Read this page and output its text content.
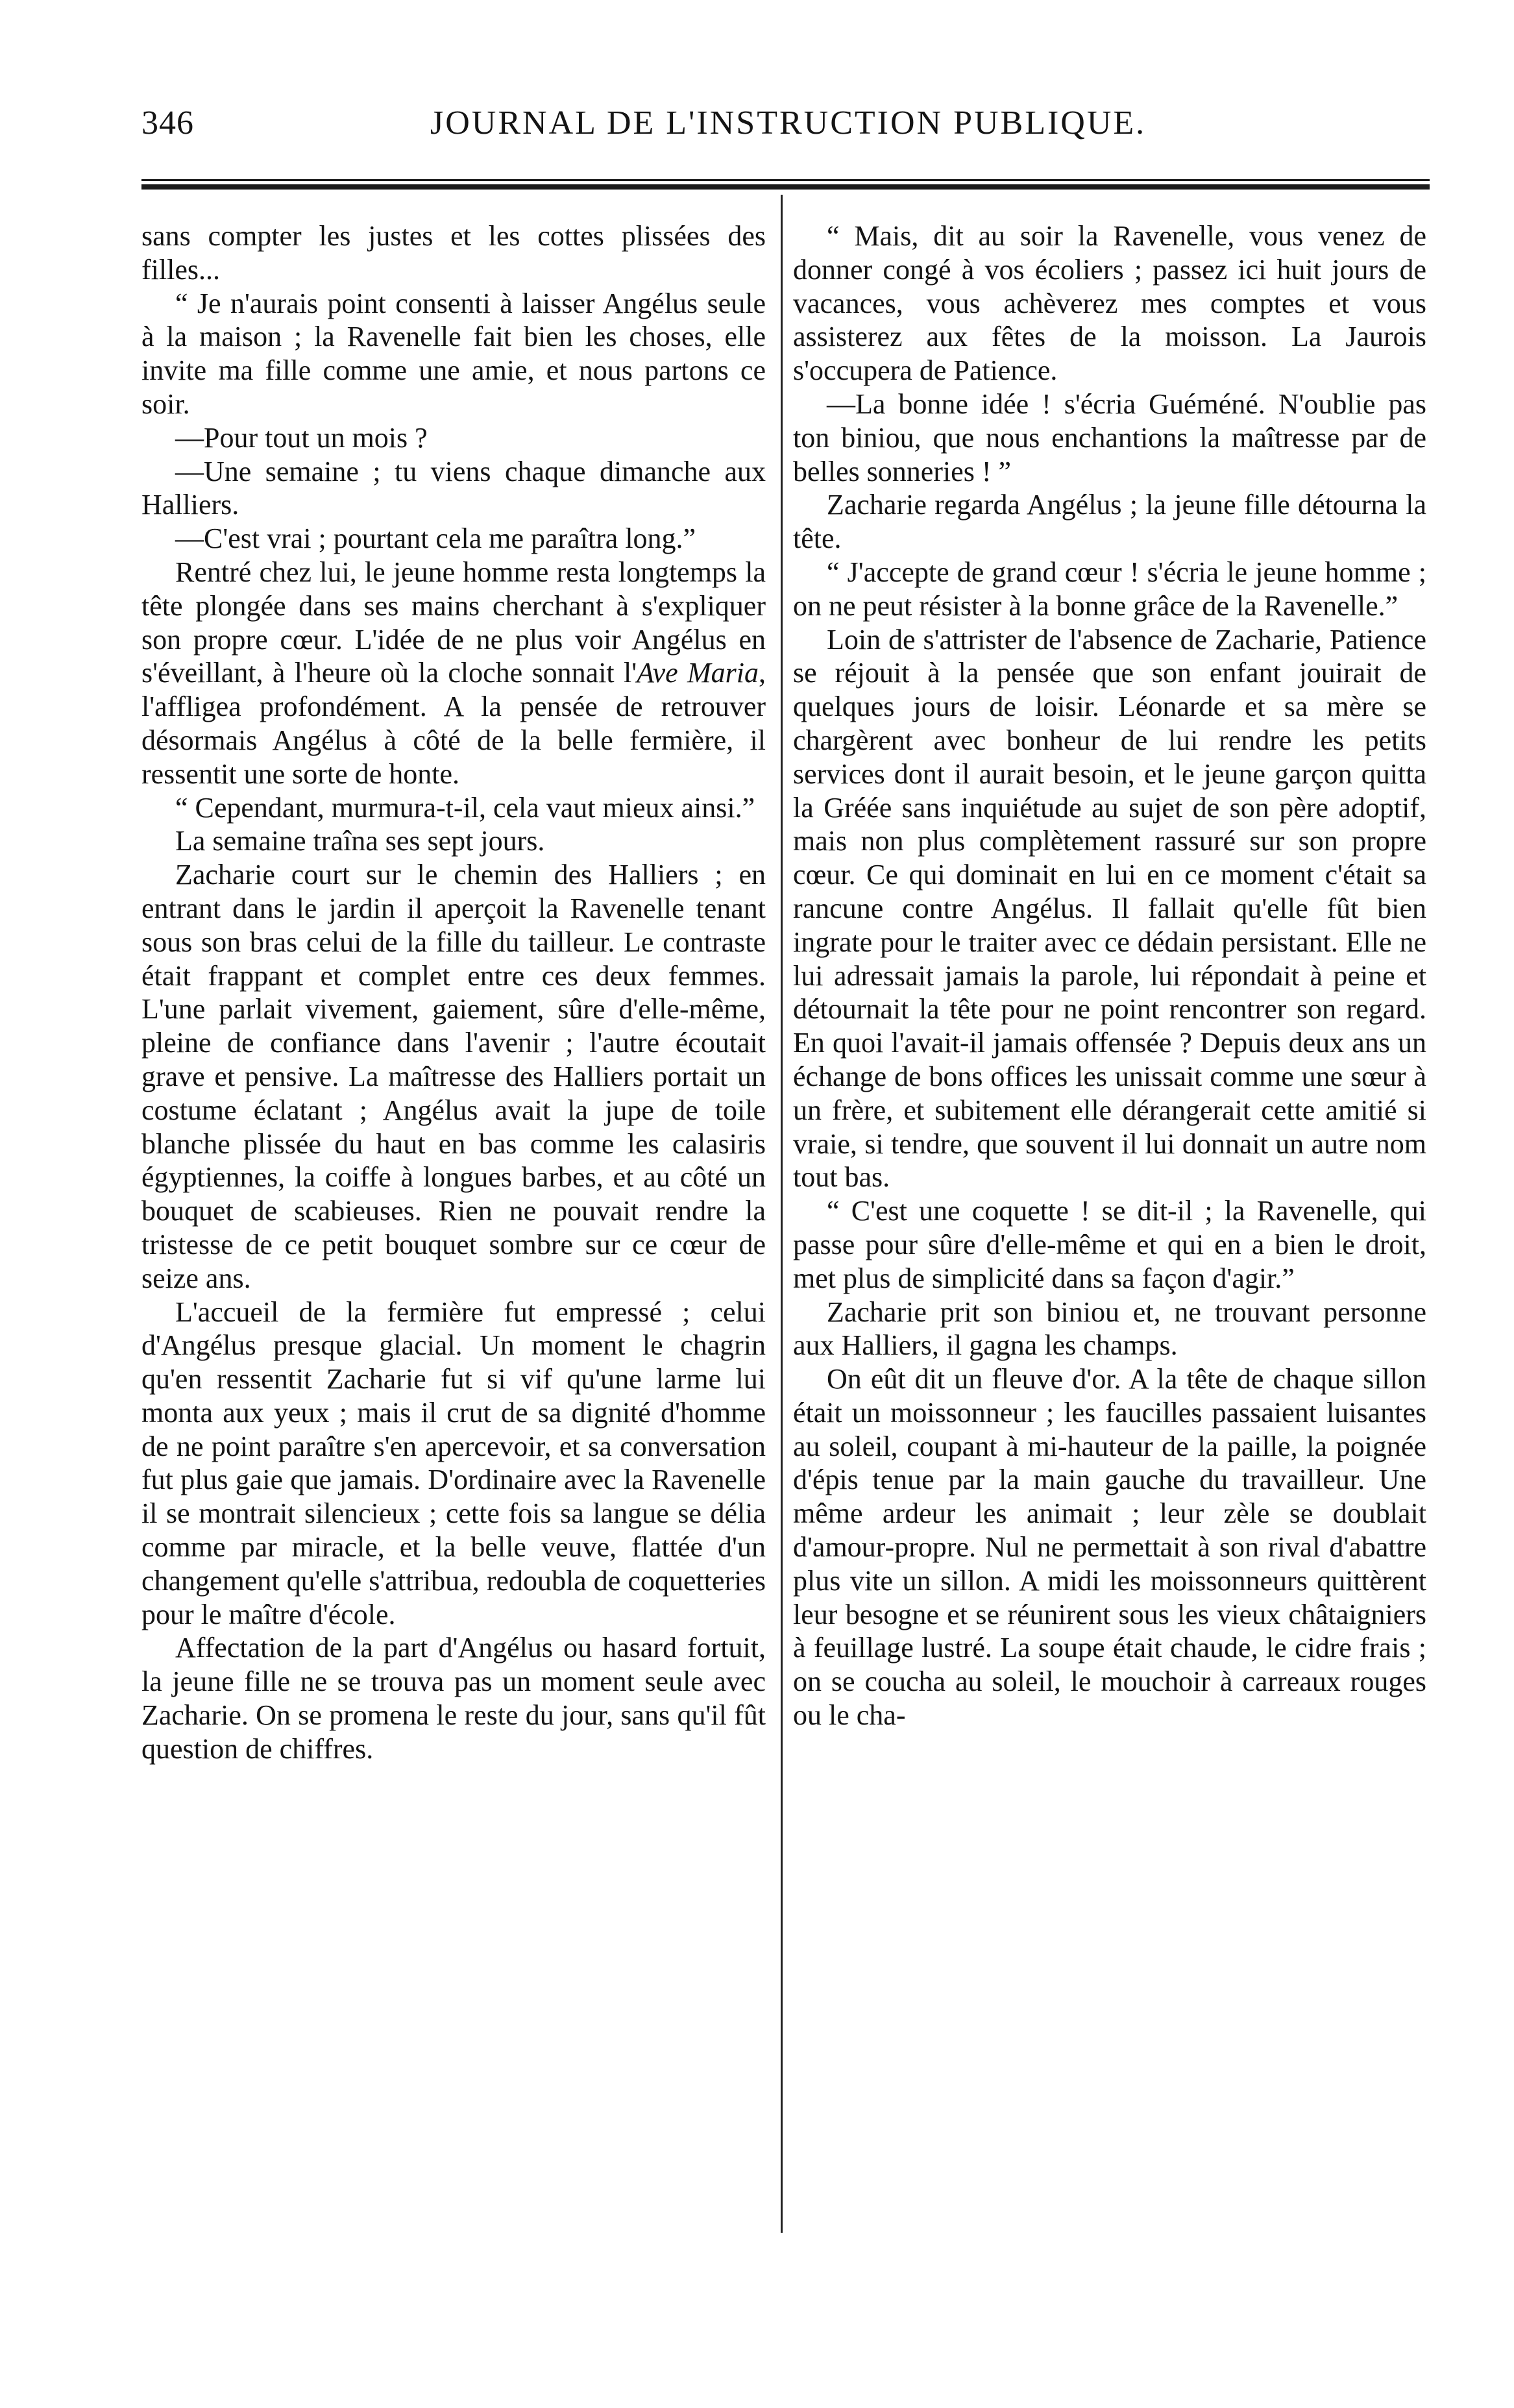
346	JOURNAL DE L'INSTRUCTION PUBLIQUE.

sans compter les justes et les cottes plissées des filles...

“ Je n'aurais point consenti à laisser Angélus seule à la maison ; la Ravenelle fait bien les choses, elle invite ma fille comme une amie, et nous partons ce soir.

—Pour tout un mois ?

—Une semaine ; tu viens chaque dimanche aux Halliers.

—C'est vrai ; pourtant cela me paraîtra long.”

Rentré chez lui, le jeune homme resta longtemps la tête plongée dans ses mains cherchant à s'expliquer son propre cœur. L'idée de ne plus voir Angélus en s'éveillant, à l'heure où la cloche sonnait l'Ave Maria, l'affligea profondément. A la pensée de retrouver désormais Angélus à côté de la belle fermière, il ressentit une sorte de honte.

“ Cependant, murmura-t-il, cela vaut mieux ainsi.”

La semaine traîna ses sept jours.

Zacharie court sur le chemin des Halliers ; en entrant dans le jardin il aperçoit la Ravenelle tenant sous son bras celui de la fille du tailleur. Le contraste était frappant et complet entre ces deux femmes. L'une parlait vivement, gaiement, sûre d'elle-même, pleine de confiance dans l'avenir ; l'autre écoutait grave et pensive. La maîtresse des Halliers portait un costume éclatant ; Angélus avait la jupe de toile blanche plissée du haut en bas comme les calasiris égyptiennes, la coiffe à longues barbes, et au côté un bouquet de scabieuses. Rien ne pouvait rendre la tristesse de ce petit bouquet sombre sur ce cœur de seize ans.

L'accueil de la fermière fut empressé ; celui d'Angélus presque glacial. Un moment le chagrin qu'en ressentit Zacharie fut si vif qu'une larme lui monta aux yeux ; mais il crut de sa dignité d'homme de ne point paraître s'en apercevoir, et sa conversation fut plus gaie que jamais. D'ordinaire avec la Ravenelle il se montrait silencieux ; cette fois sa langue se délia comme par miracle, et la belle veuve, flattée d'un changement qu'elle s'attribua, redoubla de coquetteries pour le maître d'école.

Affectation de la part d'Angélus ou hasard fortuit, la jeune fille ne se trouva pas un moment seule avec Zacharie. On se promena le reste du jour, sans qu'il fût question de chiffres.

“ Mais, dit au soir la Ravenelle, vous venez de donner congé à vos écoliers ; passez ici huit jours de vacances, vous achèverez mes comptes et vous assisterez aux fêtes de la moisson. La Jaurois s'occupera de Patience.

—La bonne idée ! s'écria Guéméné. N'oublie pas ton biniou, que nous enchantions la maîtresse par de belles sonneries ! ”

Zacharie regarda Angélus ; la jeune fille détourna la tête.

“ J'accepte de grand cœur ! s'écria le jeune homme ; on ne peut résister à la bonne grâce de la Ravenelle.”

Loin de s'attrister de l'absence de Zacharie, Patience se réjouit à la pensée que son enfant jouirait de quelques jours de loisir. Léonarde et sa mère se chargèrent avec bonheur de lui rendre les petits services dont il aurait besoin, et le jeune garçon quitta la Gréée sans inquiétude au sujet de son père adoptif, mais non plus complètement rassuré sur son propre cœur. Ce qui dominait en lui en ce moment c'était sa rancune contre Angélus. Il fallait qu'elle fût bien ingrate pour le traiter avec ce dédain persistant. Elle ne lui adressait jamais la parole, lui répondait à peine et détournait la tête pour ne point rencontrer son regard. En quoi l'avait-il jamais offensée ? Depuis deux ans un échange de bons offices les unissait comme une sœur à un frère, et subitement elle dérangerait cette amitié si vraie, si tendre, que souvent il lui donnait un autre nom tout bas.

“ C'est une coquette ! se dit-il ; la Ravenelle, qui passe pour sûre d'elle-même et qui en a bien le droit, met plus de simplicité dans sa façon d'agir.”

Zacharie prit son biniou et, ne trouvant personne aux Halliers, il gagna les champs.

On eût dit un fleuve d'or. A la tête de chaque sillon était un moissonneur ; les faucilles passaient luisantes au soleil, coupant à mi-hauteur de la paille, la poignée d'épis tenue par la main gauche du travailleur. Une même ardeur les animait ; leur zèle se doublait d'amour-propre. Nul ne permettait à son rival d'abattre plus vite un sillon. A midi les moissonneurs quittèrent leur besogne et se réunirent sous les vieux châtaigniers à feuillage lustré. La soupe était chaude, le cidre frais ; on se coucha au soleil, le mouchoir à carreaux rouges ou le cha-
